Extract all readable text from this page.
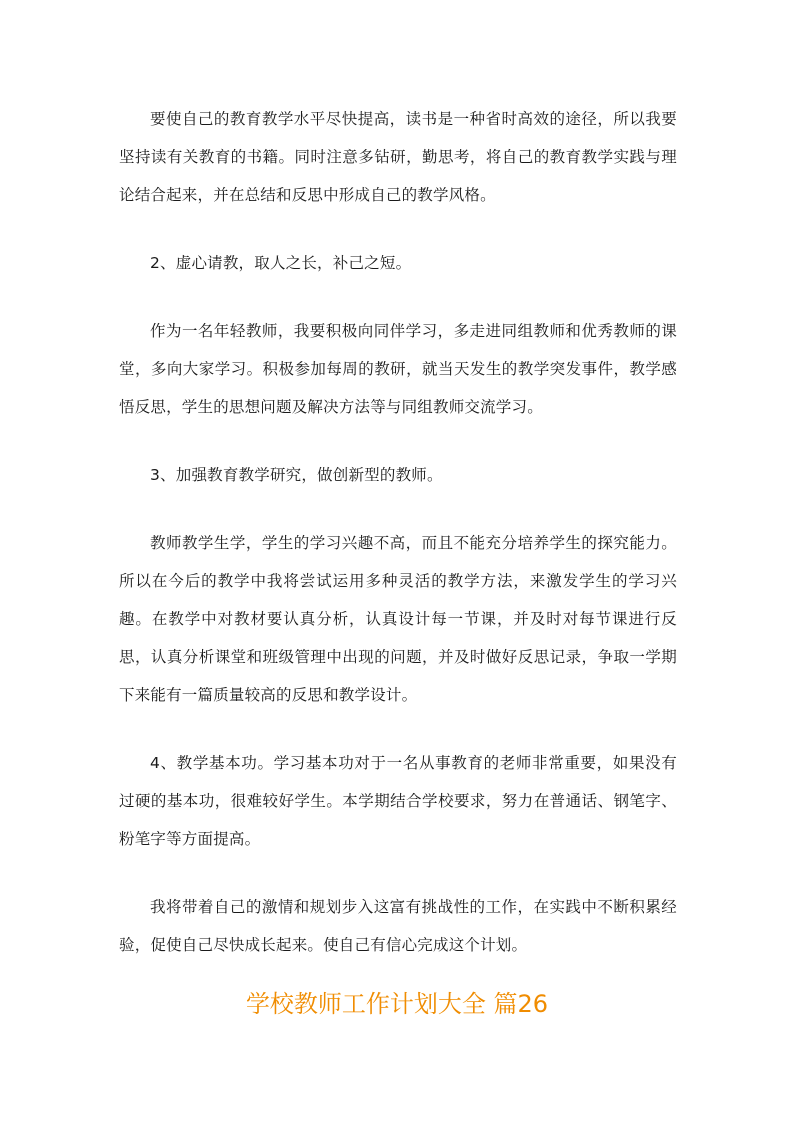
要使自己的教育教学水平尽快提高，读书是一种省时高效的途径，所以我要坚持读有关教育的书籍。同时注意多钻研，勤思考，将自己的教育教学实践与理论结合起来，并在总结和反思中形成自己的教学风格。

2、虚心请教，取人之长，补己之短。

作为一名年轻教师，我要积极向同伴学习，多走进同组教师和优秀教师的课堂，多向大家学习。积极参加每周的教研，就当天发生的教学突发事件，教学感悟反思，学生的思想问题及解决方法等与同组教师交流学习。

3、加强教育教学研究，做创新型的教师。

教师教学生学，学生的学习兴趣不高，而且不能充分培养学生的探究能力。所以在今后的教学中我将尝试运用多种灵活的教学方法，来激发学生的学习兴趣。在教学中对教材要认真分析，认真设计每一节课，并及时对每节课进行反思，认真分析课堂和班级管理中出现的问题，并及时做好反思记录，争取一学期下来能有一篇质量较高的反思和教学设计。

4、教学基本功。学习基本功对于一名从事教育的老师非常重要，如果没有过硬的基本功，很难较好学生。本学期结合学校要求，努力在普通话、钢笔字、粉笔字等方面提高。

我将带着自己的激情和规划步入这富有挑战性的工作，在实践中不断积累经验，促使自己尽快成长起来。使自己有信心完成这个计划。

学校教师工作计划大全 篇26
